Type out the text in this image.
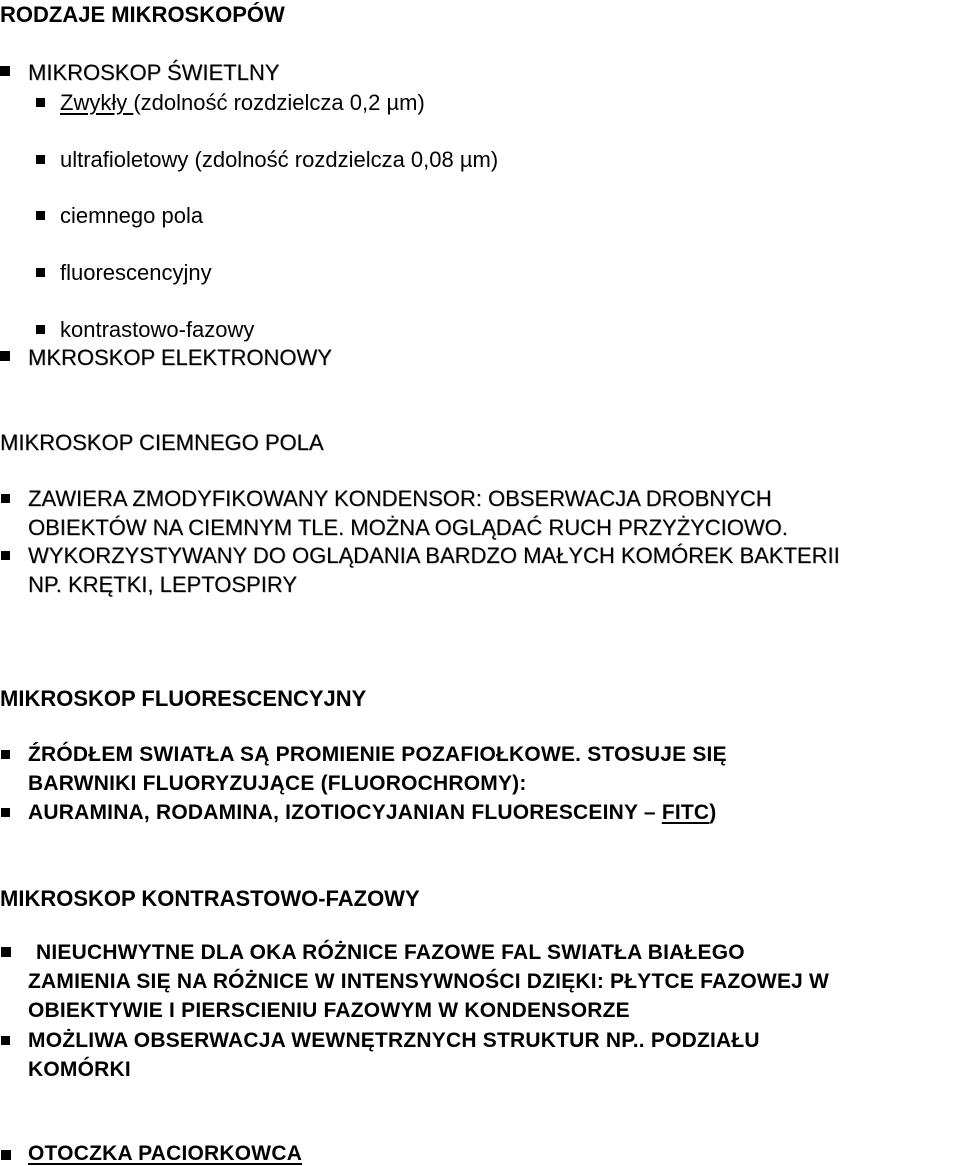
RODZAJE MIKROSKOPÓW
MIKROSKOP ŚWIETLNY
Zwykły (zdolność rozdzielcza 0,2 µm)
ultrafioletowy (zdolność rozdzielcza 0,08 µm)
ciemnego pola
fluorescencyjny
kontrastowo-fazowy
MKROSKOP ELEKTRONOWY
MIKROSKOP CIEMNEGO POLA
ZAWIERA ZMODYFIKOWANY KONDENSOR: OBSERWACJA DROBNYCH
OBIEKTÓW NA CIEMNYM TLE. MOŻNA OGLĄDAĆ RUCH PRZYŻYCIOWO.
WYKORZYSTYWANY DO OGLĄDANIA BARDZO MAŁYCH KOMÓREK BAKTERII
NP. KRĘTKI, LEPTOSPIRY
MIKROSKOP FLUORESCENCYJNY
ŹRÓDŁEM SWIATŁA SĄ PROMIENIE POZAFIOŁKOWE. STOSUJE SIĘ
BARWNIKI FLUORYZUJĄCE (FLUOROCHROMY):
AURAMINA, RODAMINA, IZOTIOCYJANIAN FLUORESCEINY – FITC)
MIKROSKOP KONTRASTOWO-FAZOWY
NIEUCHWYTNE DLA OKA RÓŻNICE FAZOWE FAL SWIATŁA BIAŁEGO
ZAMIENIA SIĘ NA RÓŻNICE W INTENSYWNOŚCI DZIĘKI: PŁYTCE FAZOWEJ W
OBIEKTYWIE I PIERSCIENIU FAZOWYM W KONDENSORZE
MOŻLIWA OBSERWACJA WEWNĘTRZNYCH STRUKTUR NP.. PODZIAŁU
KOMÓRKI
OTOCZKA PACIORKOWCA
